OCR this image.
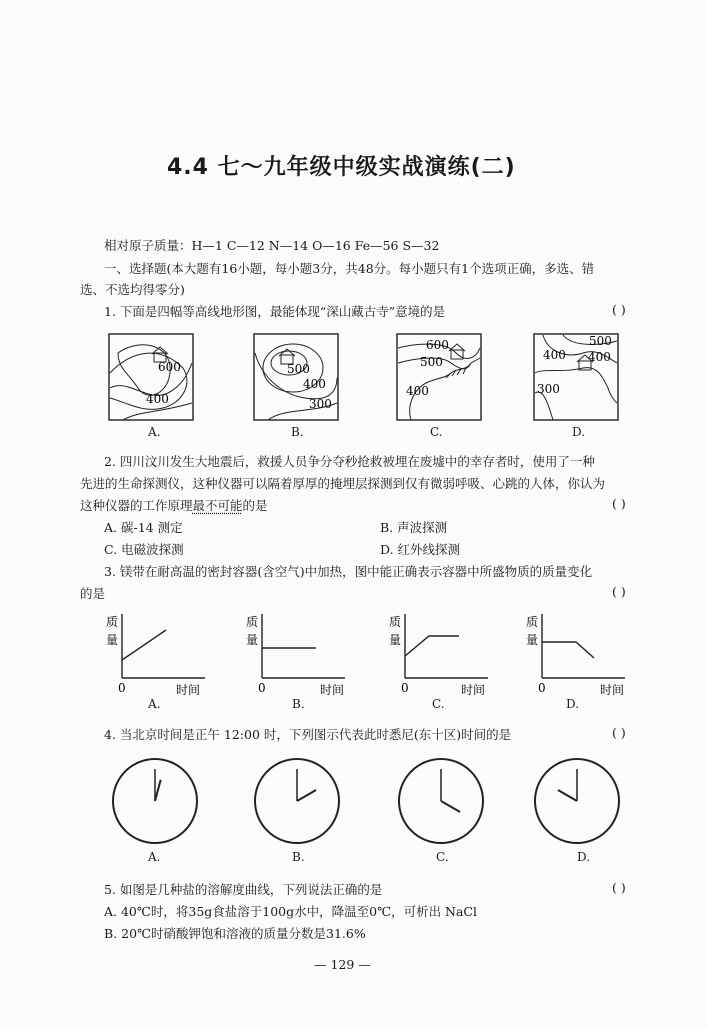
4.4 七～九年级中级实战演练(二)
相对原子质量：H—1 C—12 N—14 O—16 Fe—56 S—32
一、选择题(本大题有16小题，每小题3分，共48分。每小题只有1个选项正确，多选、错
选、不选均得零分)
1. 下面是四幅等高线地形图，最能体现“深山藏古寺”意境的是	( )
600
400
A.
500
400
300
B.
600
500
400
C.
500
400 400
300
D.
2. 四川汶川发生大地震后，救援人员争分夺秒抢救被埋在废墟中的幸存者时，使用了一种
先进的生命探测仪，这种仪器可以隔着厚厚的掩埋层探测到仅有微弱呼吸、心跳的人体，你认为
这种仪器的工作原理最不可能的是	( )
A. 碳-14 测定	B. 声波探测
C. 电磁波探测	D. 红外线探测
3. 镁带在耐高温的密封容器(含空气)中加热，图中能正确表示容器中所盛物质的质量变化
的是	( )
质
量
0	时间
A.
质
量
0	时间
B.
质
量
0	时间
C.
质
量
0	时间
D.
4. 当北京时间是正午 12:00 时，下列图示代表此时悉尼(东十区)时间的是	( )
A.	B.	C.	D.
5. 如图是几种盐的溶解度曲线，下列说法正确的是	( )
A. 40℃时，将35g食盐溶于100g水中，降温至0℃，可析出 NaCl
B. 20℃时硝酸钾饱和溶液的质量分数是31.6%
— 129 —
